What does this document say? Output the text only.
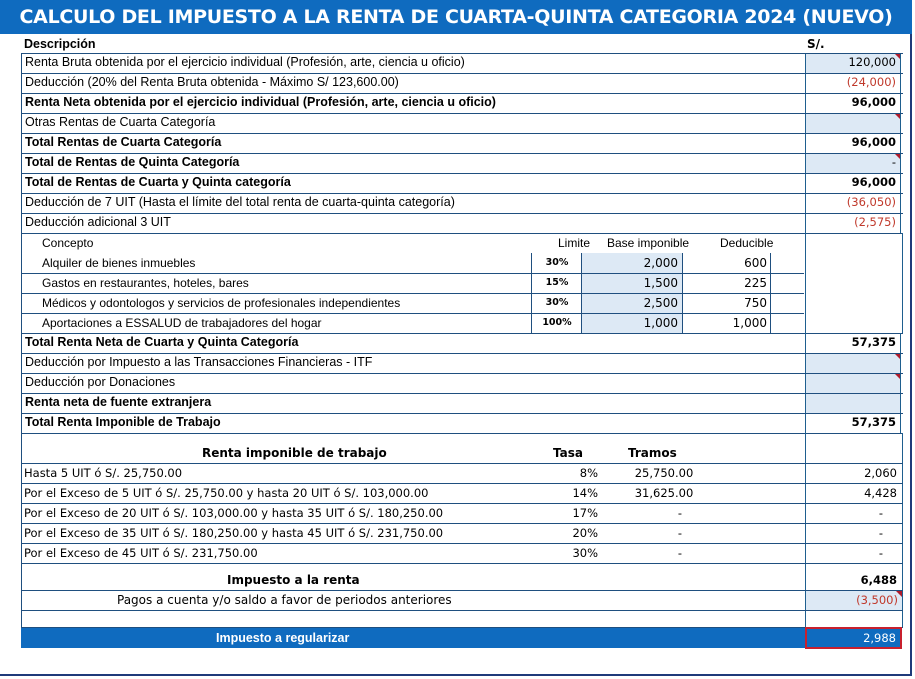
CALCULO DEL IMPUESTO A LA RENTA DE CUARTA-QUINTA CATEGORIA 2024 (NUEVO)
Descripción	S/.
Renta Bruta obtenida por el ejercicio individual (Profesión, arte, ciencia u oficio)	120,000
Deducción (20% del Renta Bruta obtenida - Máximo S/ 123,600.00)	(24,000)
Renta Neta obtenida por el ejercicio individual (Profesión, arte, ciencia u oficio)	96,000
Otras Rentas de Cuarta Categoría
Total Rentas de Cuarta Categoría	96,000
Total de Rentas de Quinta Categoría	-
Total de Rentas de Cuarta y Quinta categoría	96,000
Deducción de 7 UIT (Hasta el límite del total renta de cuarta-quinta categoría)	(36,050)
Deducción adicional 3 UIT	(2,575)
Concepto	Limite Base imponible	Deducible
Alquiler de bienes inmuebles	30%	2,000	600
Gastos en restaurantes, hoteles, bares	15%	1,500	225
Médicos y odontologos y servicios de profesionales independientes	30%	2,500	750
Aportaciones a ESSALUD de trabajadores del hogar	100%	1,000	1,000
Total Renta Neta de Cuarta y Quinta Categoría	57,375
Deducción por Impuesto a las Transacciones Financieras - ITF
Deducción por Donaciones
Renta neta de fuente extranjera
Total Renta Imponible de Trabajo	57,375
Renta imponible de trabajo	Tasa	Tramos
Hasta 5 UIT ó S/. 25,750.00	8%	25,750.00	2,060
Por el Exceso de 5 UIT ó S/. 25,750.00 y hasta 20 UIT ó S/. 103,000.00	14%	31,625.00	4,428
Por el Exceso de 20 UIT ó S/. 103,000.00 y hasta 35 UIT ó S/. 180,250.00	17%	-	-
Por el Exceso de 35 UIT ó S/. 180,250.00 y hasta 45 UIT ó S/. 231,750.00	20%	-	-
Por el Exceso de 45 UIT ó S/. 231,750.00	30%	-	-
Impuesto a la renta	6,488
Pagos a cuenta y/o saldo a favor de periodos anteriores	(3,500)
Impuesto a regularizar	2,988
